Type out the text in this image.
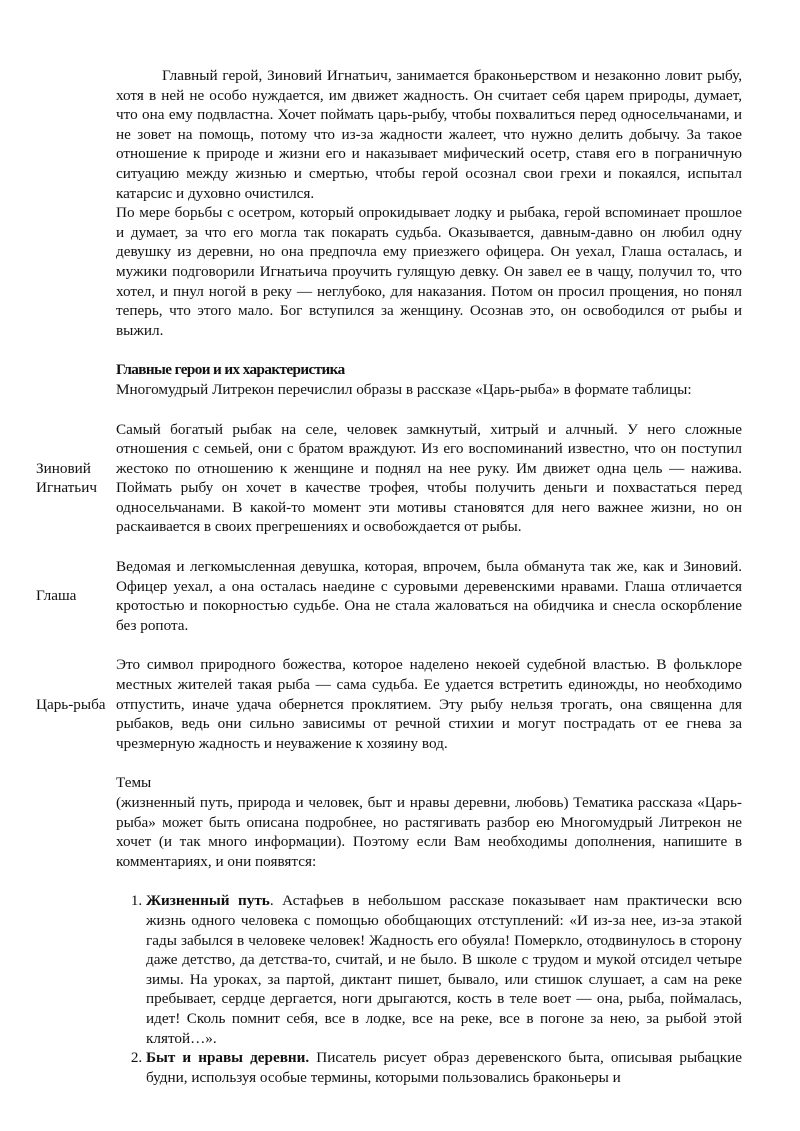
Главный герой, Зиновий Игнатьич, занимается браконьерством и незаконно ловит рыбу, хотя в ней не особо нуждается, им движет жадность. Он считает себя царем природы, думает, что она ему подвластна. Хочет поймать царь-рыбу, чтобы похвалиться перед односельчанами, и не зовет на помощь, потому что из-за жадности жалеет, что нужно делить добычу. За такое отношение к природе и жизни его и наказывает мифический осетр, ставя его в пограничную ситуацию между жизнью и смертью, чтобы герой осознал свои грехи и покаялся, испытал катарсис и духовно очистился.

По мере борьбы с осетром, который опрокидывает лодку и рыбака, герой вспоминает прошлое и думает, за что его могла так покарать судьба. Оказывается, давным-давно он любил одну девушку из деревни, но она предпочла ему приезжего офицера. Он уехал, Глаша осталась, и мужики подговорили Игнатьича проучить гулящую девку. Он завел ее в чащу, получил то, что хотел, и пнул ногой в реку — неглубоко, для наказания. Потом он просил прощения, но понял теперь, что этого мало. Бог вступился за женщину. Осознав это, он освободился от рыбы и выжил.

Главные герои и их характеристика

Многомудрый Литрекон перечислил образы в рассказе «Царь-рыба» в формате таблицы:

Зиновий Игнатьич
Самый богатый рыбак на селе, человек замкнутый, хитрый и алчный. У него сложные отношения с семьей, они с братом враждуют. Из его воспоминаний известно, что он поступил жестоко по отношению к женщине и поднял на нее руку. Им движет одна цель — нажива. Поймать рыбу он хочет в качестве трофея, чтобы получить деньги и похвастаться перед односельчанами. В какой-то момент эти мотивы становятся для него важнее жизни, но он раскаивается в своих прегрешениях и освобождается от рыбы.
Глаша
Ведомая и легкомысленная девушка, которая, впрочем, была обманута так же, как и Зиновий. Офицер уехал, а она осталась наедине с суровыми деревенскими нравами. Глаша отличается кротостью и покорностью судьбе. Она не стала жаловаться на обидчика и снесла оскорбление без ропота.
Царь-рыба
Это символ природного божества, которое наделено некоей судебной властью. В фольклоре местных жителей такая рыба — сама судьба. Ее удается встретить единожды, но необходимо отпустить, иначе удача обернется проклятием. Эту рыбу нельзя трогать, она священна для рыбаков, ведь они сильно зависимы от речной стихии и могут пострадать от ее гнева за чрезмерную жадность и неуважение к хозяину вод.

Темы

(жизненный путь, природа и человек, быт и нравы деревни, любовь) Тематика рассказа «Царь-рыба» может быть описана подробнее, но растягивать разбор ею Многомудрый Литрекон не хочет (и так много информации). Поэтому если Вам необходимы дополнения, напишите в комментариях, и они появятся:

1. Жизненный путь. Астафьев в небольшом рассказе показывает нам практически всю жизнь одного человека с помощью обобщающих отступлений: «И из-за нее, из-за этакой гады забылся в человеке человек! Жадность его обуяла! Померкло, отодвинулось в сторону даже детство, да детства-то, считай, и не было. В школе с трудом и мукой отсидел четыре зимы. На уроках, за партой, диктант пишет, бывало, или стишок слушает, а сам на реке пребывает, сердце дергается, ноги дрыгаются, кость в теле воет — она, рыба, поймалась, идет! Сколь помнит себя, все в лодке, все на реке, все в погоне за нею, за рыбой этой клятой…».
2. Быт и нравы деревни. Писатель рисует образ деревенского быта, описывая рыбацкие будни, используя особые термины, которыми пользовались браконьеры и
